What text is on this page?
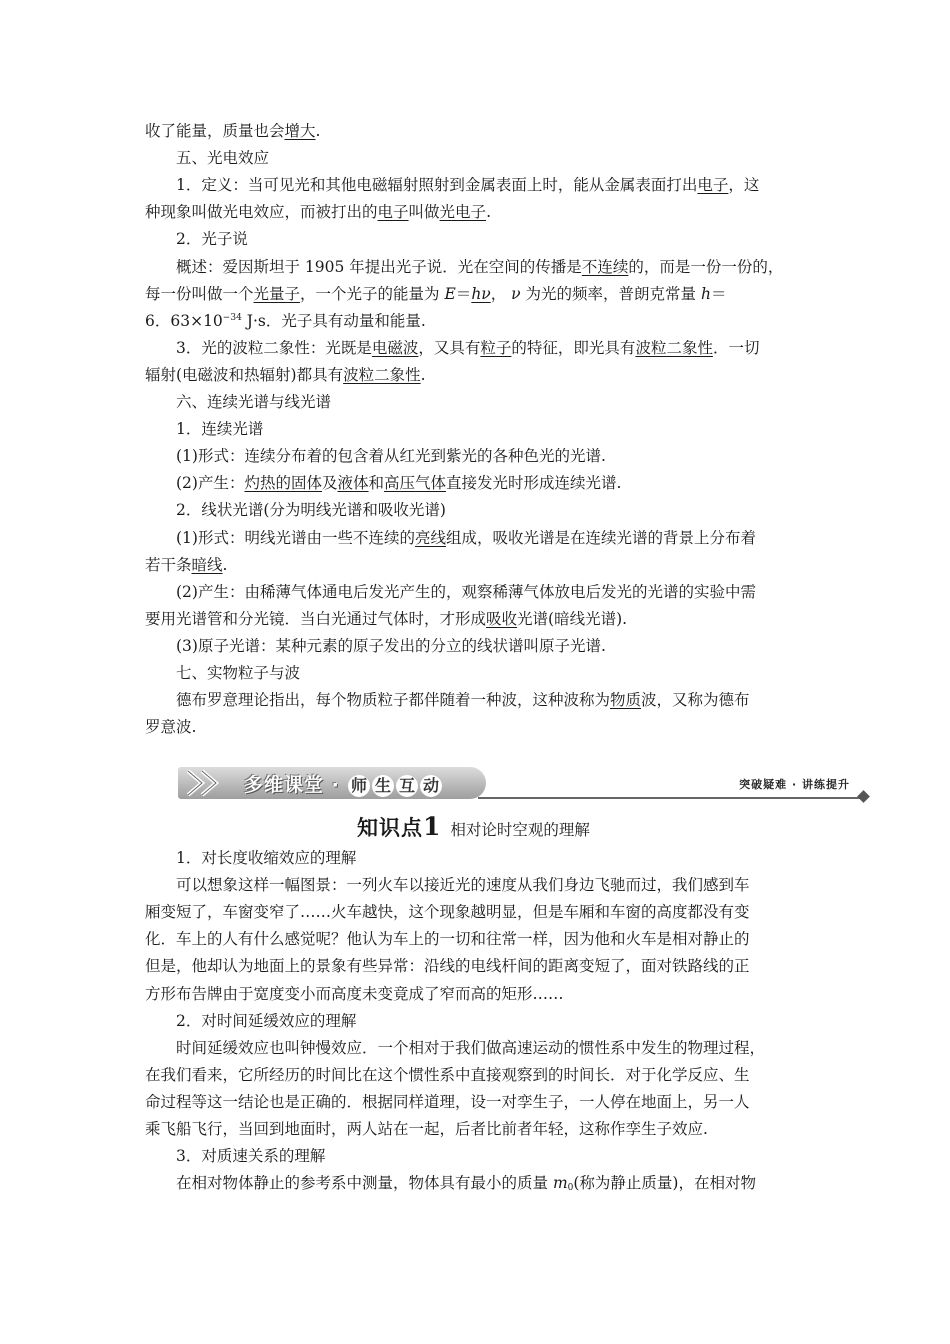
收了能量，质量也会增大.
五、光电效应
1．定义：当可见光和其他电磁辐射照射到金属表面上时，能从金属表面打出电子，这
种现象叫做光电效应，而被打出的电子叫做光电子.
2．光子说
概述：爱因斯坦于 1905 年提出光子说．光在空间的传播是不连续的，而是一份一份的，
每一份叫做一个光量子，一个光子的能量为 E＝hν， ν 为光的频率，普朗克常量 h＝
6．$63\times 10^{-34}$ J·s．光子具有动量和能量.
3．光的波粒二象性：光既是电磁波，又具有粒子的特征，即光具有波粒二象性．一切
辐射(电磁波和热辐射)都具有波粒二象性.
六、连续光谱与线光谱
1．连续光谱
(1)形式：连续分布着的包含着从红光到紫光的各种色光的光谱.
(2)产生：灼热的固体及液体和高压气体直接发光时形成连续光谱.
2．线状光谱(分为明线光谱和吸收光谱)
(1)形式：明线光谱由一些不连续的亮线组成，吸收光谱是在连续光谱的背景上分布着
若干条暗线.
(2)产生：由稀薄气体通电后发光产生的，观察稀薄气体放电后发光的光谱的实验中需
要用光谱管和分光镜．当白光通过气体时，才形成吸收光谱(暗线光谱).
(3)原子光谱：某种元素的原子发出的分立的线状谱叫原子光谱.
七、实物粒子与波
德布罗意理论指出，每个物质粒子都伴随着一种波，这种波称为物质波，又称为德布
罗意波.
多维课堂 · 师 生 互 动	突破疑难 · 讲练提升
知识点1 相对论时空观的理解
1．对长度收缩效应的理解
可以想象这样一幅图景：一列火车以接近光的速度从我们身边飞驰而过，我们感到车
厢变短了，车窗变窄了……火车越快，这个现象越明显，但是车厢和车窗的高度都没有变
化．车上的人有什么感觉呢？他认为车上的一切和往常一样，因为他和火车是相对静止的
但是，他却认为地面上的景象有些异常：沿线的电线杆间的距离变短了，面对铁路线的正
方形布告牌由于宽度变小而高度未变竟成了窄而高的矩形……
2．对时间延缓效应的理解
时间延缓效应也叫钟慢效应．一个相对于我们做高速运动的惯性系中发生的物理过程，
在我们看来，它所经历的时间比在这个惯性系中直接观察到的时间长．对于化学反应、生
命过程等这一结论也是正确的．根据同样道理，设一对孪生子，一人停在地面上，另一人
乘飞船飞行，当回到地面时，两人站在一起，后者比前者年轻，这称作孪生子效应.
3．对质速关系的理解
在相对物体静止的参考系中测量，物体具有最小的质量 $m_0$(称为静止质量)，在相对物
